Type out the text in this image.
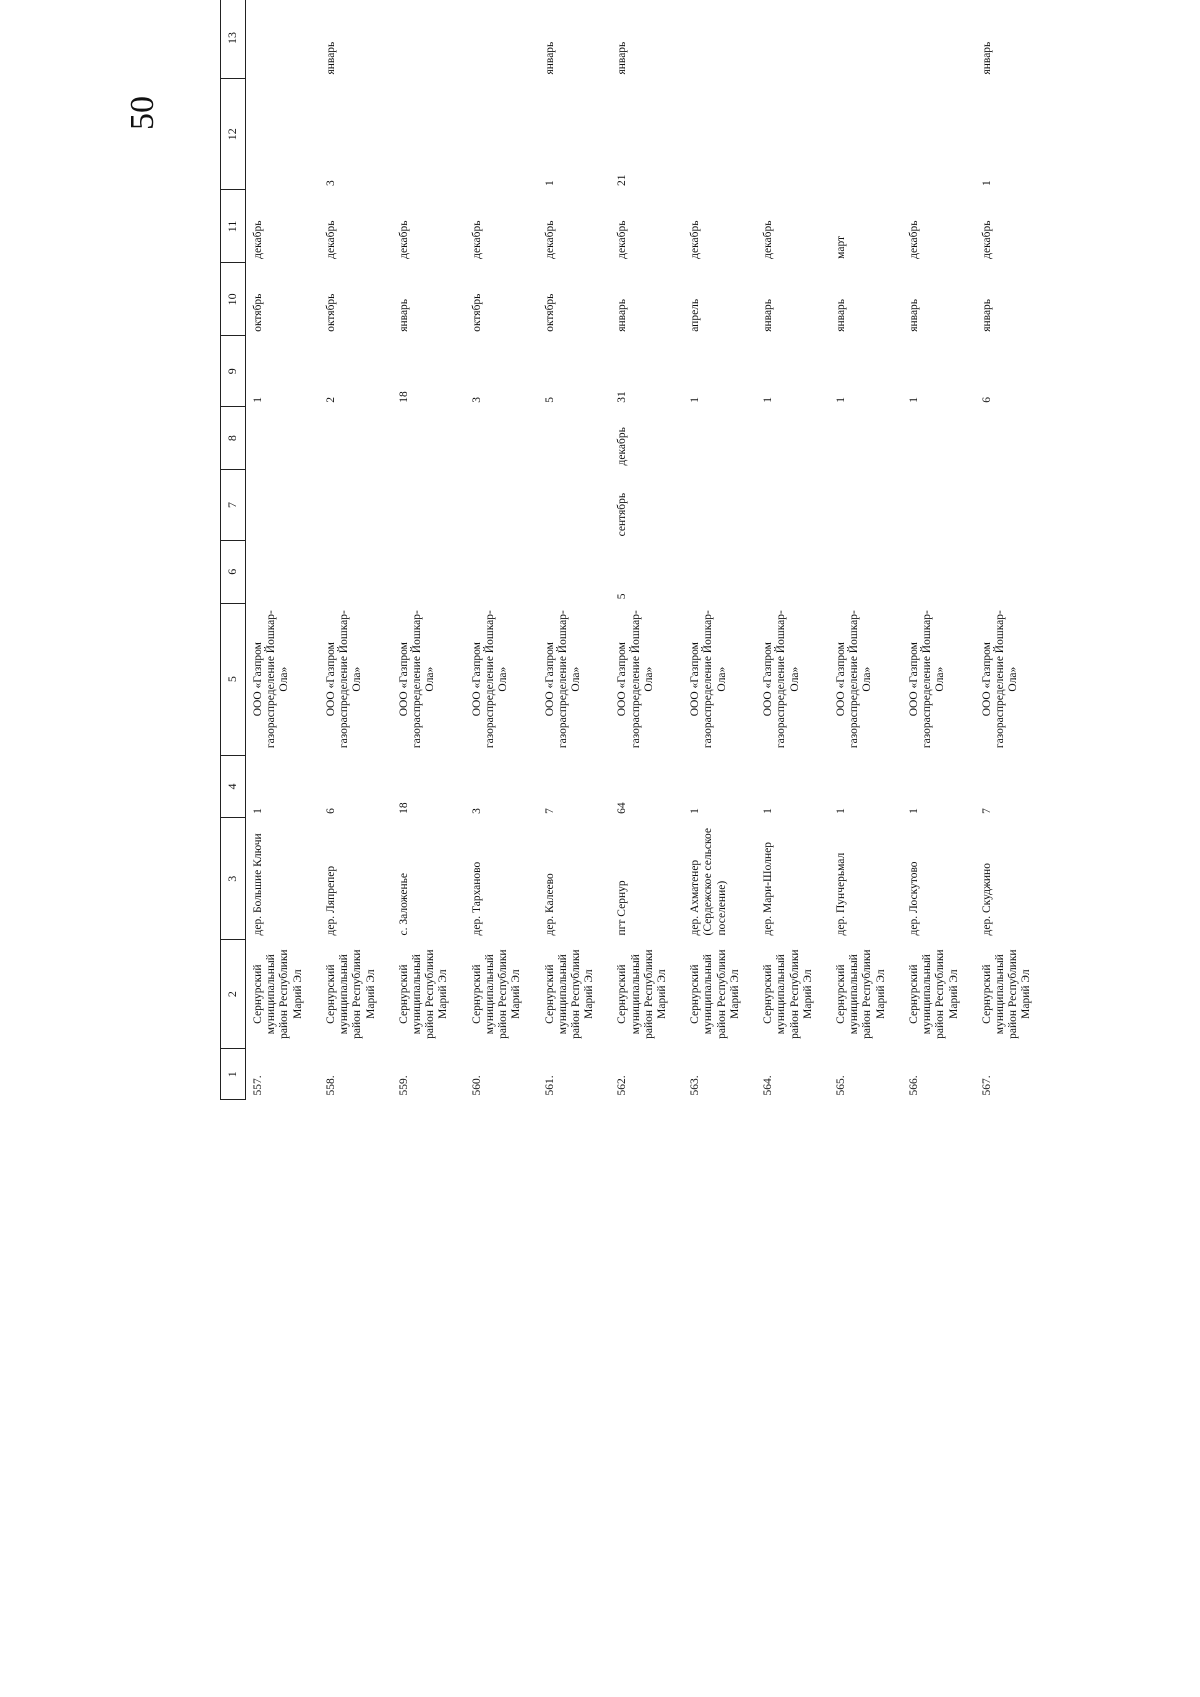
50
1	2	3	4	5	6	7	8	9	10	11	12	13				
557.	Сернурский муниципальный район Республики Марий Эл	дер. Большие Ключи	1	ООО «Газпром газораспределение Йошкар-Ола»				1	октябрь	декабрь						
558.	Сернурский муниципальный район Республики Марий Эл	дер. Ляпрепер	6	ООО «Газпром газораспределение Йошкар-Ола»				2	октябрь	декабрь	3	январь				
559.	Сернурский муниципальный район Республики Марий Эл	с. Заложенье	18	ООО «Газпром газораспределение Йошкар-Ола»				18	январь	декабрь						
560.	Сернурский муниципальный район Республики Марий Эл	дер. Тарханово	3	ООО «Газпром газораспределение Йошкар-Ола»				3	октябрь	декабрь						
561.	Сернурский муниципальный район Республики Марий Эл	дер. Калеево	7	ООО «Газпром газораспределение Йошкар-Ола»				5	октябрь	декабрь	1	январь				
562.	Сернурский муниципальный район Республики Марий Эл	пгт Сернур	64	ООО «Газпром газораспределение Йошкар-Ола»	5	сентябрь	декабрь	31	январь	декабрь	21	январь				
563.	Сернурский муниципальный район Республики Марий Эл	дер. Ахматенер (Сердежское сельское поселение)	1	ООО «Газпром газораспределение Йошкар-Ола»				1	апрель	декабрь						
564.	Сернурский муниципальный район Республики Марий Эл	дер. Мари-Шолнер	1	ООО «Газпром газораспределение Йошкар-Ола»				1	январь	декабрь						
565.	Сернурский муниципальный район Республики Марий Эл	дер. Пунчерьмал	1	ООО «Газпром газораспределение Йошкар-Ола»				1	январь	март						
566.	Сернурский муниципальный район Республики Марий Эл	дер. Лоскутово	1	ООО «Газпром газораспределение Йошкар-Ола»				1	январь	декабрь						
567.	Сернурский муниципальный район Республики Марий Эл	дер. Скуджино	7	ООО «Газпром газораспределение Йошкар-Ола»				6	январь	декабрь	1	январь				
